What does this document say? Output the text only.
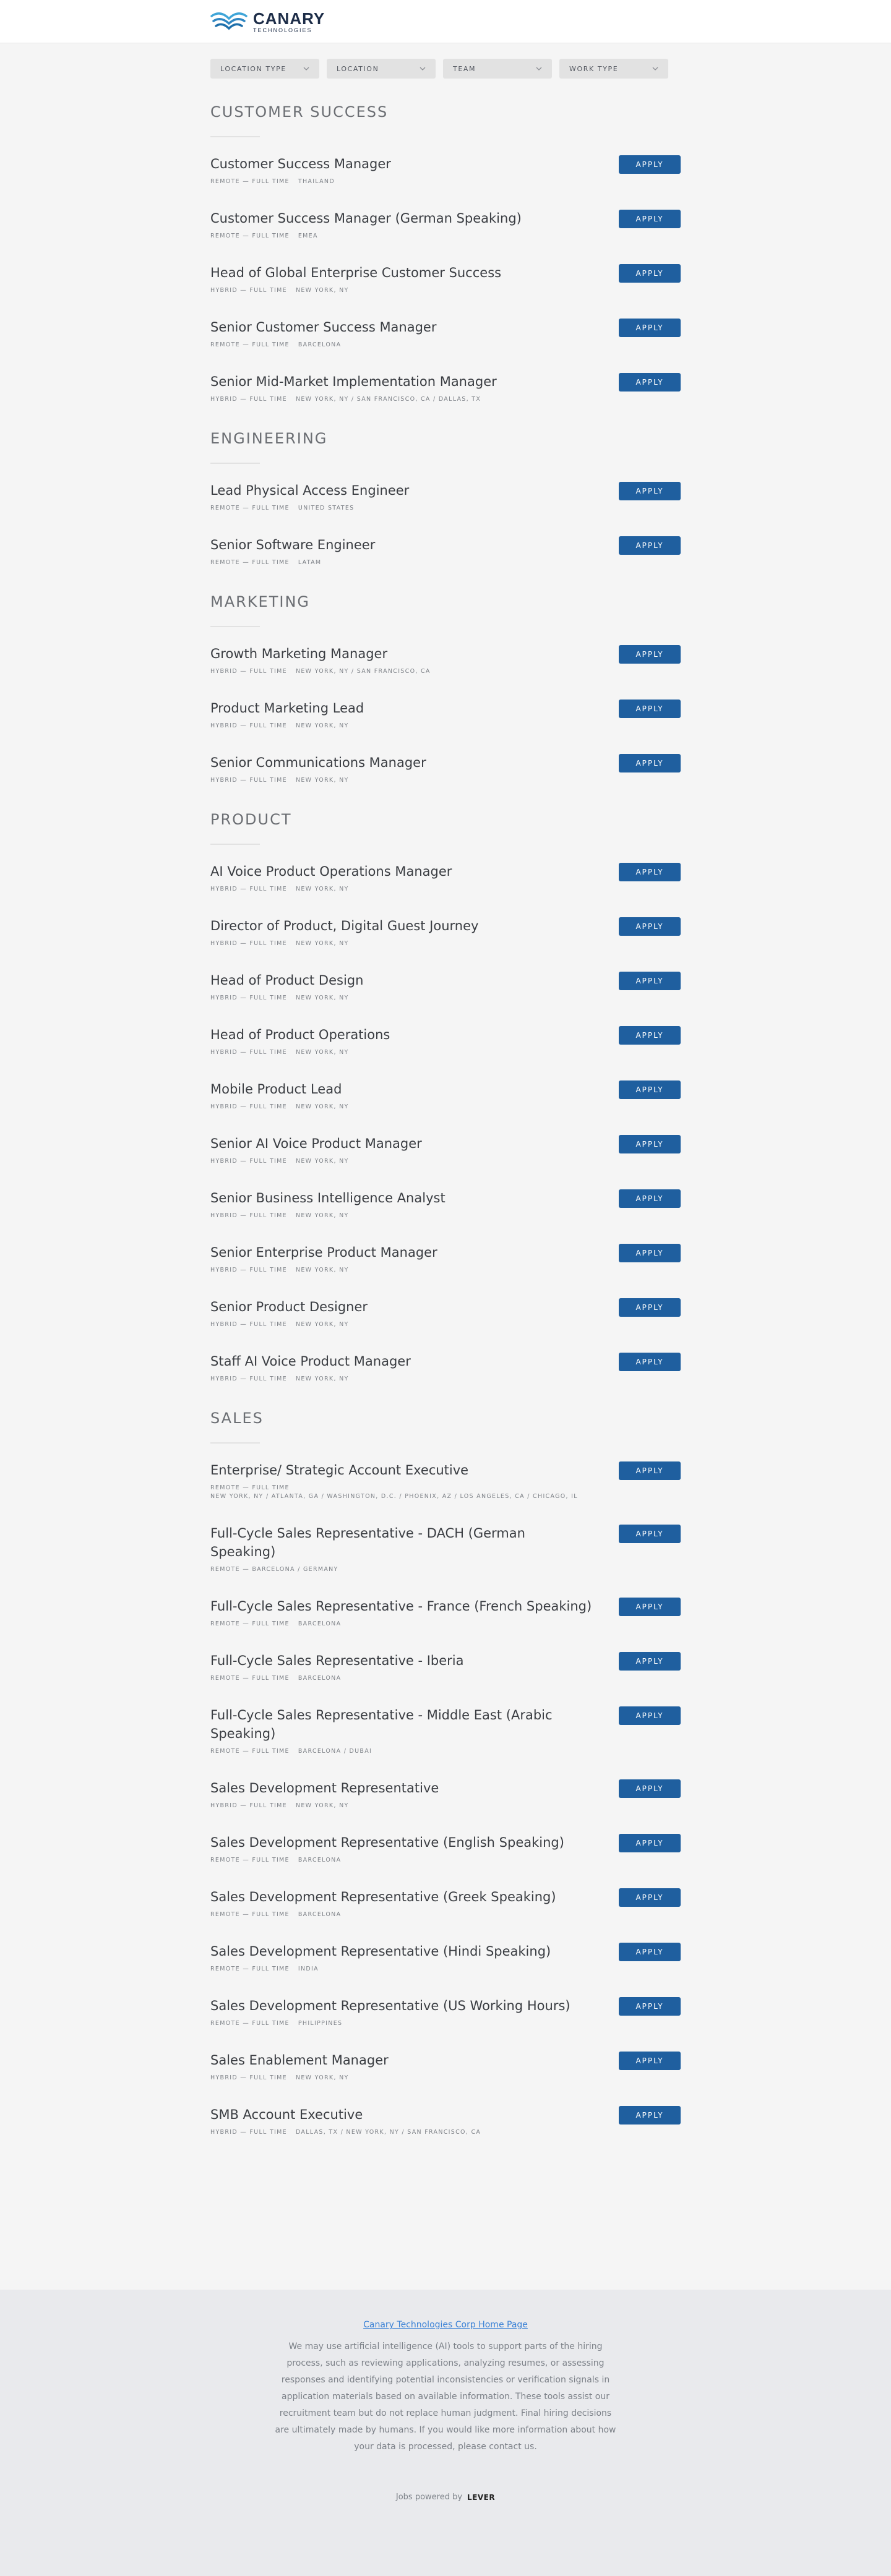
CANARY
TECHNOLOGIES
LOCATION TYPE	LOCATION	TEAM	WORK TYPE
CUSTOMER SUCCESS
Customer Success Manager
REMOTE — FULL TIME THAILAND
APPLY
Customer Success Manager (German Speaking)
REMOTE — FULL TIME EMEA
APPLY
Head of Global Enterprise Customer Success
HYBRID — FULL TIME NEW YORK, NY
APPLY
Senior Customer Success Manager
REMOTE — FULL TIME BARCELONA
APPLY
Senior Mid-Market Implementation Manager
HYBRID — FULL TIME NEW YORK, NY / SAN FRANCISCO, CA / DALLAS, TX
APPLY
ENGINEERING
Lead Physical Access Engineer
REMOTE — FULL TIME UNITED STATES
APPLY
Senior Software Engineer
REMOTE — FULL TIME LATAM
APPLY
MARKETING
Growth Marketing Manager
HYBRID — FULL TIME NEW YORK, NY / SAN FRANCISCO, CA
APPLY
Product Marketing Lead
HYBRID — FULL TIME NEW YORK, NY
APPLY
Senior Communications Manager
HYBRID — FULL TIME NEW YORK, NY
APPLY
PRODUCT
AI Voice Product Operations Manager
HYBRID — FULL TIME NEW YORK, NY
APPLY
Director of Product, Digital Guest Journey
HYBRID — FULL TIME NEW YORK, NY
APPLY
Head of Product Design
HYBRID — FULL TIME NEW YORK, NY
APPLY
Head of Product Operations
HYBRID — FULL TIME NEW YORK, NY
APPLY
Mobile Product Lead
HYBRID — FULL TIME NEW YORK, NY
APPLY
Senior AI Voice Product Manager
HYBRID — FULL TIME NEW YORK, NY
APPLY
Senior Business Intelligence Analyst
HYBRID — FULL TIME NEW YORK, NY
APPLY
Senior Enterprise Product Manager
HYBRID — FULL TIME NEW YORK, NY
APPLY
Senior Product Designer
HYBRID — FULL TIME NEW YORK, NY
APPLY
Staff AI Voice Product Manager
HYBRID — FULL TIME NEW YORK, NY
APPLY
SALES
Enterprise/ Strategic Account Executive
REMOTE — FULL TIME
NEW YORK, NY / ATLANTA, GA / WASHINGTON, D.C. / PHOENIX, AZ / LOS ANGELES, CA / CHICAGO, IL
APPLY
Full-Cycle Sales Representative - DACH (German Speaking)
REMOTE — BARCELONA / GERMANY
APPLY
Full-Cycle Sales Representative - France (French Speaking)
REMOTE — FULL TIME BARCELONA
APPLY
Full-Cycle Sales Representative - Iberia
REMOTE — FULL TIME BARCELONA
APPLY
Full-Cycle Sales Representative - Middle East (Arabic Speaking)
REMOTE — FULL TIME BARCELONA / DUBAI
APPLY
Sales Development Representative
HYBRID — FULL TIME NEW YORK, NY
APPLY
Sales Development Representative (English Speaking)
REMOTE — FULL TIME BARCELONA
APPLY
Sales Development Representative (Greek Speaking)
REMOTE — FULL TIME BARCELONA
APPLY
Sales Development Representative (Hindi Speaking)
REMOTE — FULL TIME INDIA
APPLY
Sales Development Representative (US Working Hours)
REMOTE — FULL TIME PHILIPPINES
APPLY
Sales Enablement Manager
HYBRID — FULL TIME NEW YORK, NY
APPLY
SMB Account Executive
HYBRID — FULL TIME DALLAS, TX / NEW YORK, NY / SAN FRANCISCO, CA
APPLY
Canary Technologies Corp Home Page

We may use artificial intelligence (AI) tools to support parts of the hiring process, such as reviewing applications, analyzing resumes, or assessing responses and identifying potential inconsistencies or verification signals in application materials based on available information. These tools assist our recruitment team but do not replace human judgment. Final hiring decisions are ultimately made by humans. If you would like more information about how your data is processed, please contact us.

Jobs powered by LEVER
